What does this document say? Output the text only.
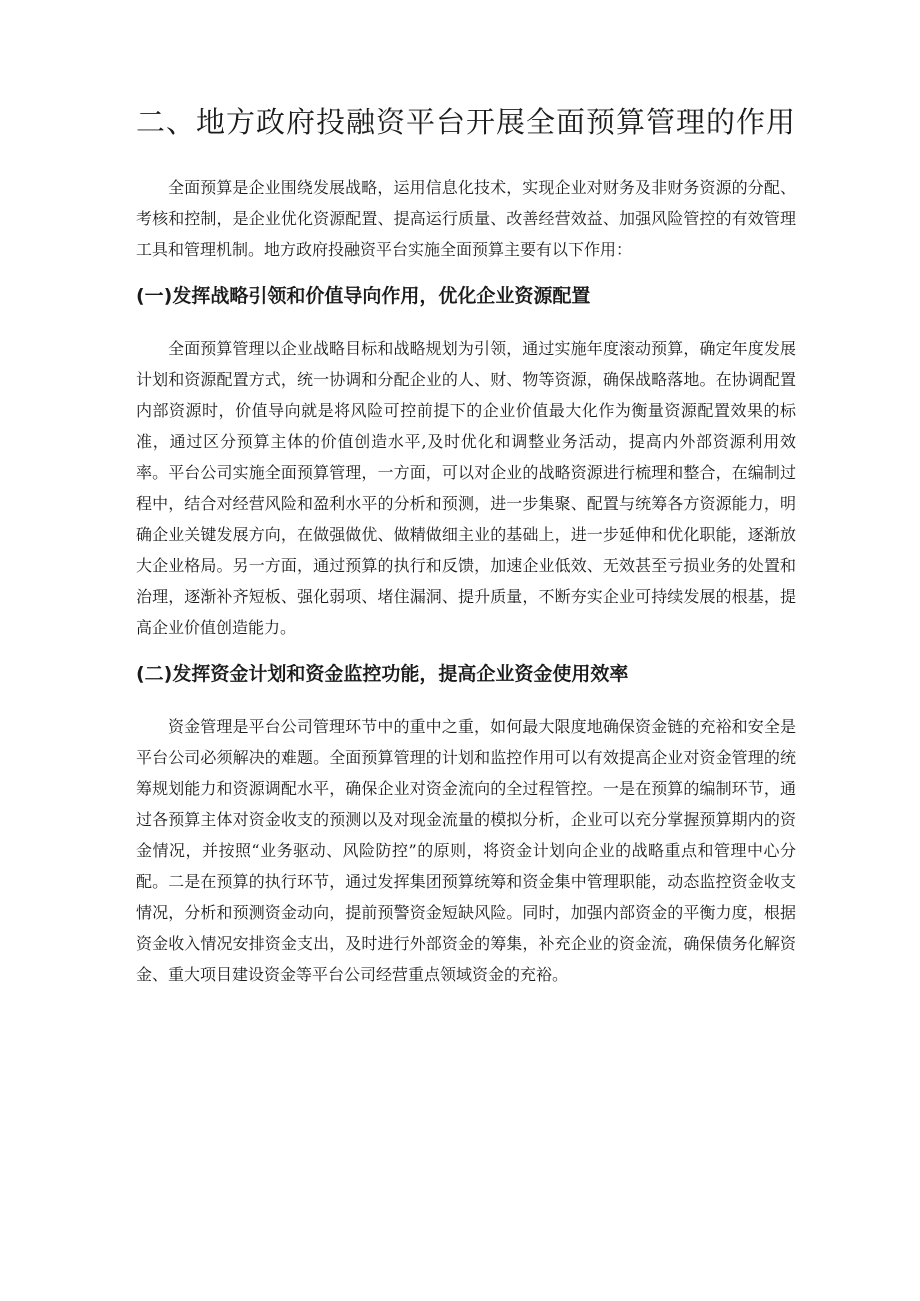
二、地方政府投融资平台开展全面预算管理的作用

全面预算是企业围绕发展战略，运用信息化技术，实现企业对财务及非财务资源的分配、考核和控制，是企业优化资源配置、提高运行质量、改善经营效益、加强风险管控的有效管理工具和管理机制。地方政府投融资平台实施全面预算主要有以下作用：

(一)发挥战略引领和价值导向作用，优化企业资源配置

全面预算管理以企业战略目标和战略规划为引领，通过实施年度滚动预算，确定年度发展计划和资源配置方式，统一协调和分配企业的人、财、物等资源，确保战略落地。在协调配置内部资源时，价值导向就是将风险可控前提下的企业价值最大化作为衡量资源配置效果的标准，通过区分预算主体的价值创造水平,及时优化和调整业务活动，提高内外部资源利用效率。平台公司实施全面预算管理，一方面，可以对企业的战略资源进行梳理和整合，在编制过程中，结合对经营风险和盈利水平的分析和预测，进一步集聚、配置与统筹各方资源能力，明确企业关键发展方向，在做强做优、做精做细主业的基础上，进一步延伸和优化职能，逐渐放大企业格局。另一方面，通过预算的执行和反馈，加速企业低效、无效甚至亏损业务的处置和治理，逐渐补齐短板、强化弱项、堵住漏洞、提升质量，不断夯实企业可持续发展的根基，提高企业价值创造能力。

(二)发挥资金计划和资金监控功能，提高企业资金使用效率

资金管理是平台公司管理环节中的重中之重，如何最大限度地确保资金链的充裕和安全是平台公司必须解决的难题。全面预算管理的计划和监控作用可以有效提高企业对资金管理的统筹规划能力和资源调配水平，确保企业对资金流向的全过程管控。一是在预算的编制环节，通过各预算主体对资金收支的预测以及对现金流量的模拟分析，企业可以充分掌握预算期内的资金情况，并按照“业务驱动、风险防控”的原则，将资金计划向企业的战略重点和管理中心分配。二是在预算的执行环节，通过发挥集团预算统筹和资金集中管理职能，动态监控资金收支情况，分析和预测资金动向，提前预警资金短缺风险。同时，加强内部资金的平衡力度，根据资金收入情况安排资金支出，及时进行外部资金的筹集，补充企业的资金流，确保债务化解资金、重大项目建设资金等平台公司经营重点领域资金的充裕。
